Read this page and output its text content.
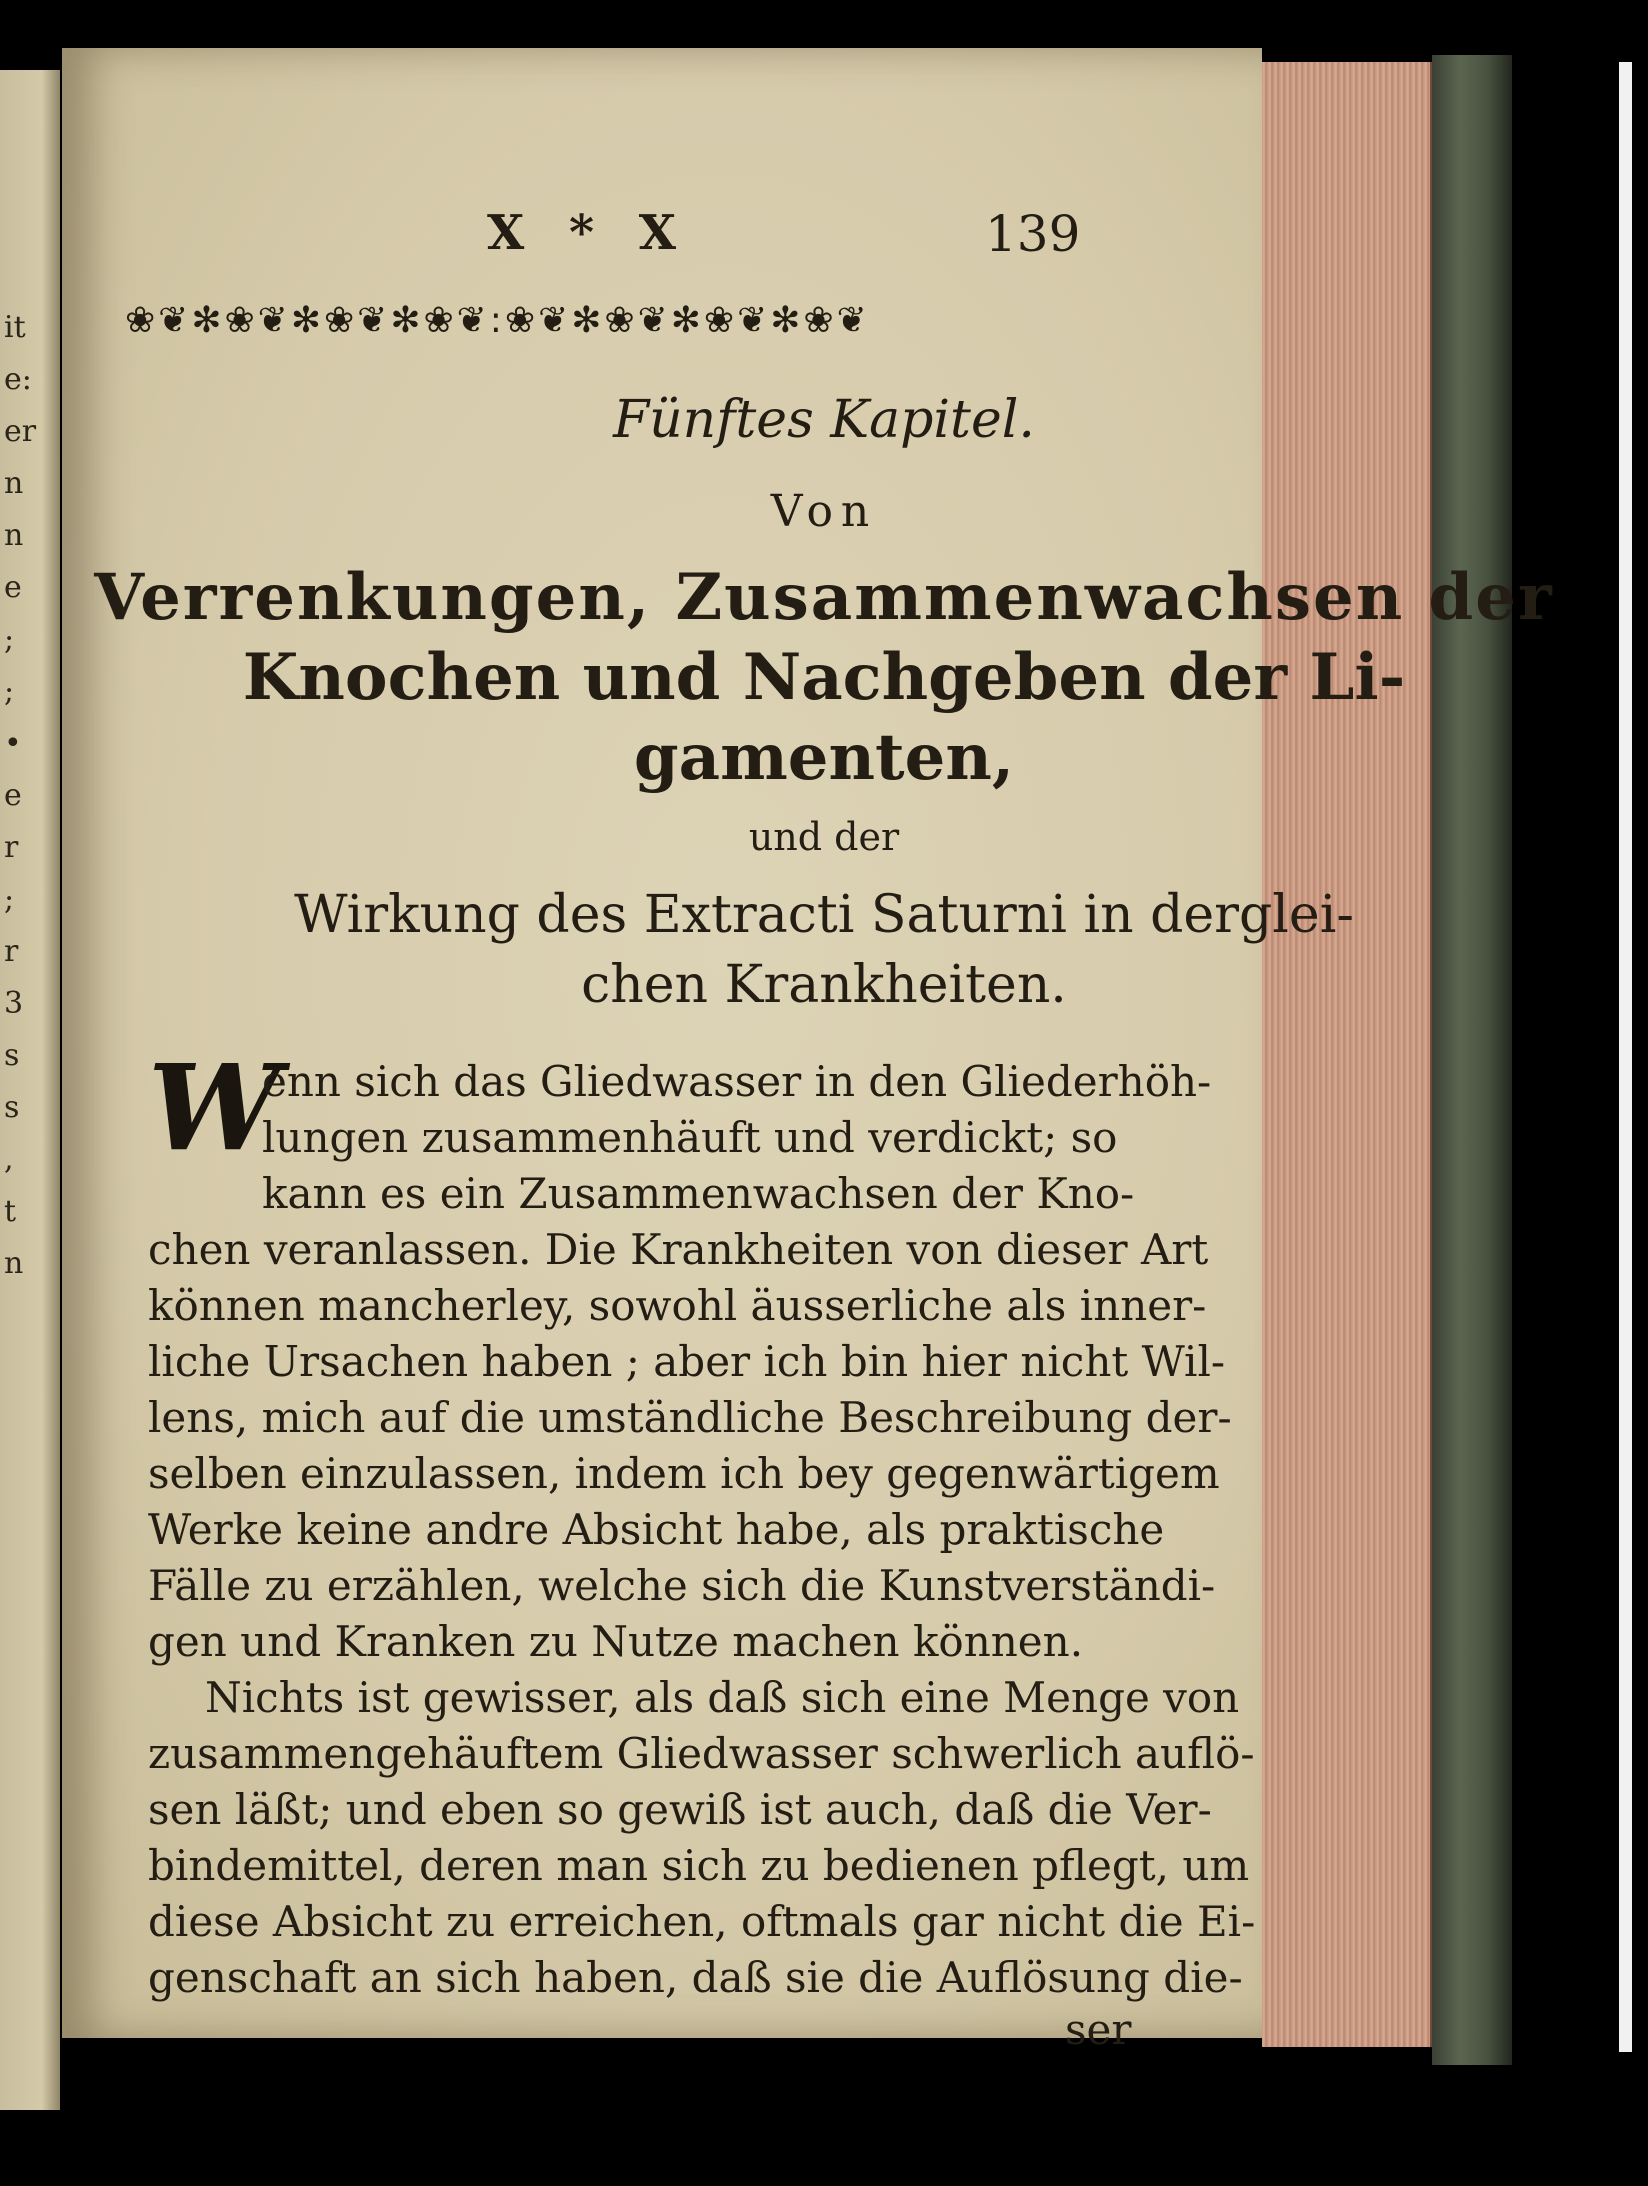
it
e:
er
n
n
e
;
;
•
e
r
;
r
3
s
s
,
t
n
X * X	139
❀❦✻❀❦✻❀❦✻❀❦:❀❦✻❀❦✻❀❦✻❀❦
Fünftes Kapitel.
Von
Verrenkungen, Zusammenwachsen der
Knochen und Nachgeben der Li-
gamenten,
und der
Wirkung des Extracti Saturni in derglei-
chen Krankheiten.
W
enn sich das Gliedwasser in den Gliederhöh-
lungen zusammenhäuft und verdickt; so
kann es ein Zusammenwachsen der Kno-
chen veranlassen. Die Krankheiten von dieser Art
können mancherley, sowohl äusserliche als inner-
liche Ursachen haben ; aber ich bin hier nicht Wil-
lens, mich auf die umständliche Beschreibung der-
selben einzulassen, indem ich bey gegenwärtigem
Werke keine andre Absicht habe, als praktische
Fälle zu erzählen, welche sich die Kunstverständi-
gen und Kranken zu Nutze machen können.
Nichts ist gewisser, als daß sich eine Menge von
zusammengehäuftem Gliedwasser schwerlich auflö-
sen läßt; und eben so gewiß ist auch, daß die Ver-
bindemittel, deren man sich zu bedienen pflegt, um
diese Absicht zu erreichen, oftmals gar nicht die Ei-
genschaft an sich haben, daß sie die Auflösung die-
ser
